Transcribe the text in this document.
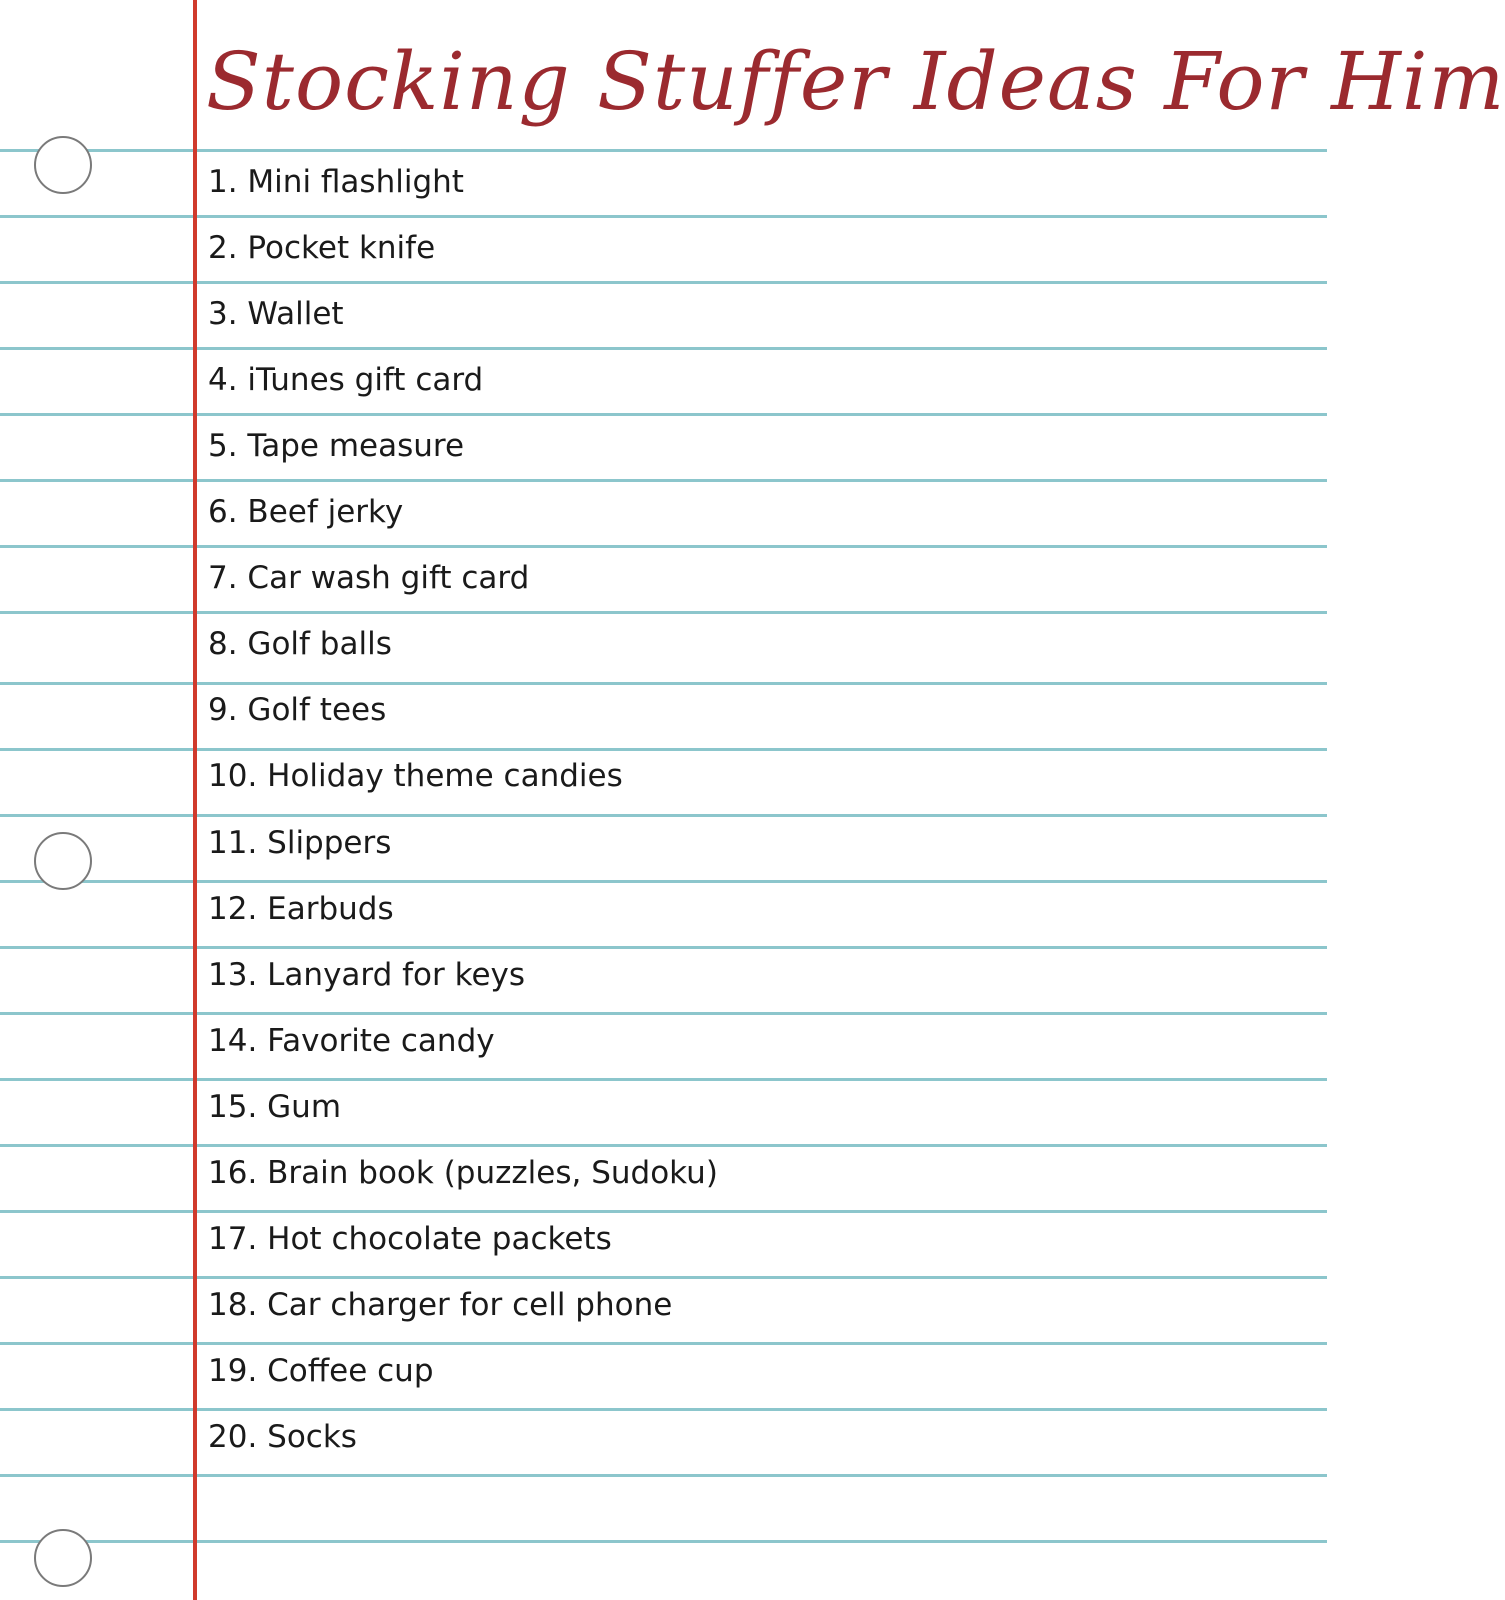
Stocking Stuffer Ideas For Him
1. Mini flashlight
2. Pocket knife
3. Wallet
4. iTunes gift card
5. Tape measure
6. Beef jerky
7. Car wash gift card
8. Golf balls
9. Golf tees
10. Holiday theme candies
11. Slippers
12. Earbuds
13. Lanyard for keys
14. Favorite candy
15. Gum
16. Brain book (puzzles, Sudoku)
17. Hot chocolate packets
18. Car charger for cell phone
19. Coffee cup
20. Socks
